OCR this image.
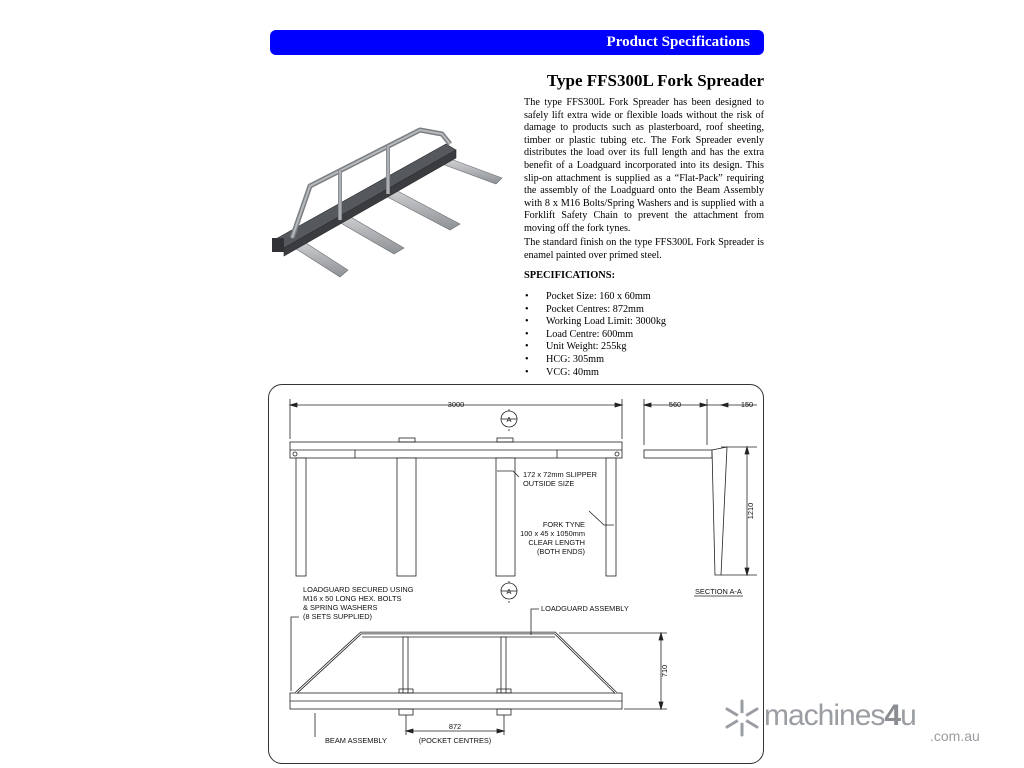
Product Specifications
Type FFS300L Fork Spreader

The type FFS300L Fork Spreader has been designed to safely lift extra wide or flexible loads without the risk of damage to products such as plasterboard, roof sheeting, timber or plastic tubing etc. The Fork Spreader evenly distributes the load over its full length and has the extra benefit of a Loadguard incorporated into its design. This slip-on attachment is supplied as a “Flat-Pack” requiring the assembly of the Loadguard onto the Beam Assembly with 8 x M16 Bolts/Spring Washers and is supplied with a Forklift Safety Chain to prevent the attachment from moving off the fork tynes.

The standard finish on the type FFS300L Fork Spreader is enamel painted over primed steel.

SPECIFICATIONS:
• Pocket Size: 160 x 60mm
• Pocket Centres: 872mm
• Working Load Limit: 3000kg
• Load Centre: 600mm
• Unit Weight: 255kg
• HCG: 305mm
• VCG: 40mm
3000	560	150
A
A
172 x 72mm SLIPPER
OUTSIDE SIZE
FORK TYNE
100 x 45 x 1050mm
CLEAR LENGTH
(BOTH ENDS)
1210
SECTION A-A
LOADGUARD SECURED USING
M16 x 50 LONG HEX. BOLTS
& SPRING WASHERS
(8 SETS SUPPLIED)
LOADGUARD ASSEMBLY
710
872
(POCKET CENTRES)
BEAM ASSEMBLY
machines4u
.com.au
